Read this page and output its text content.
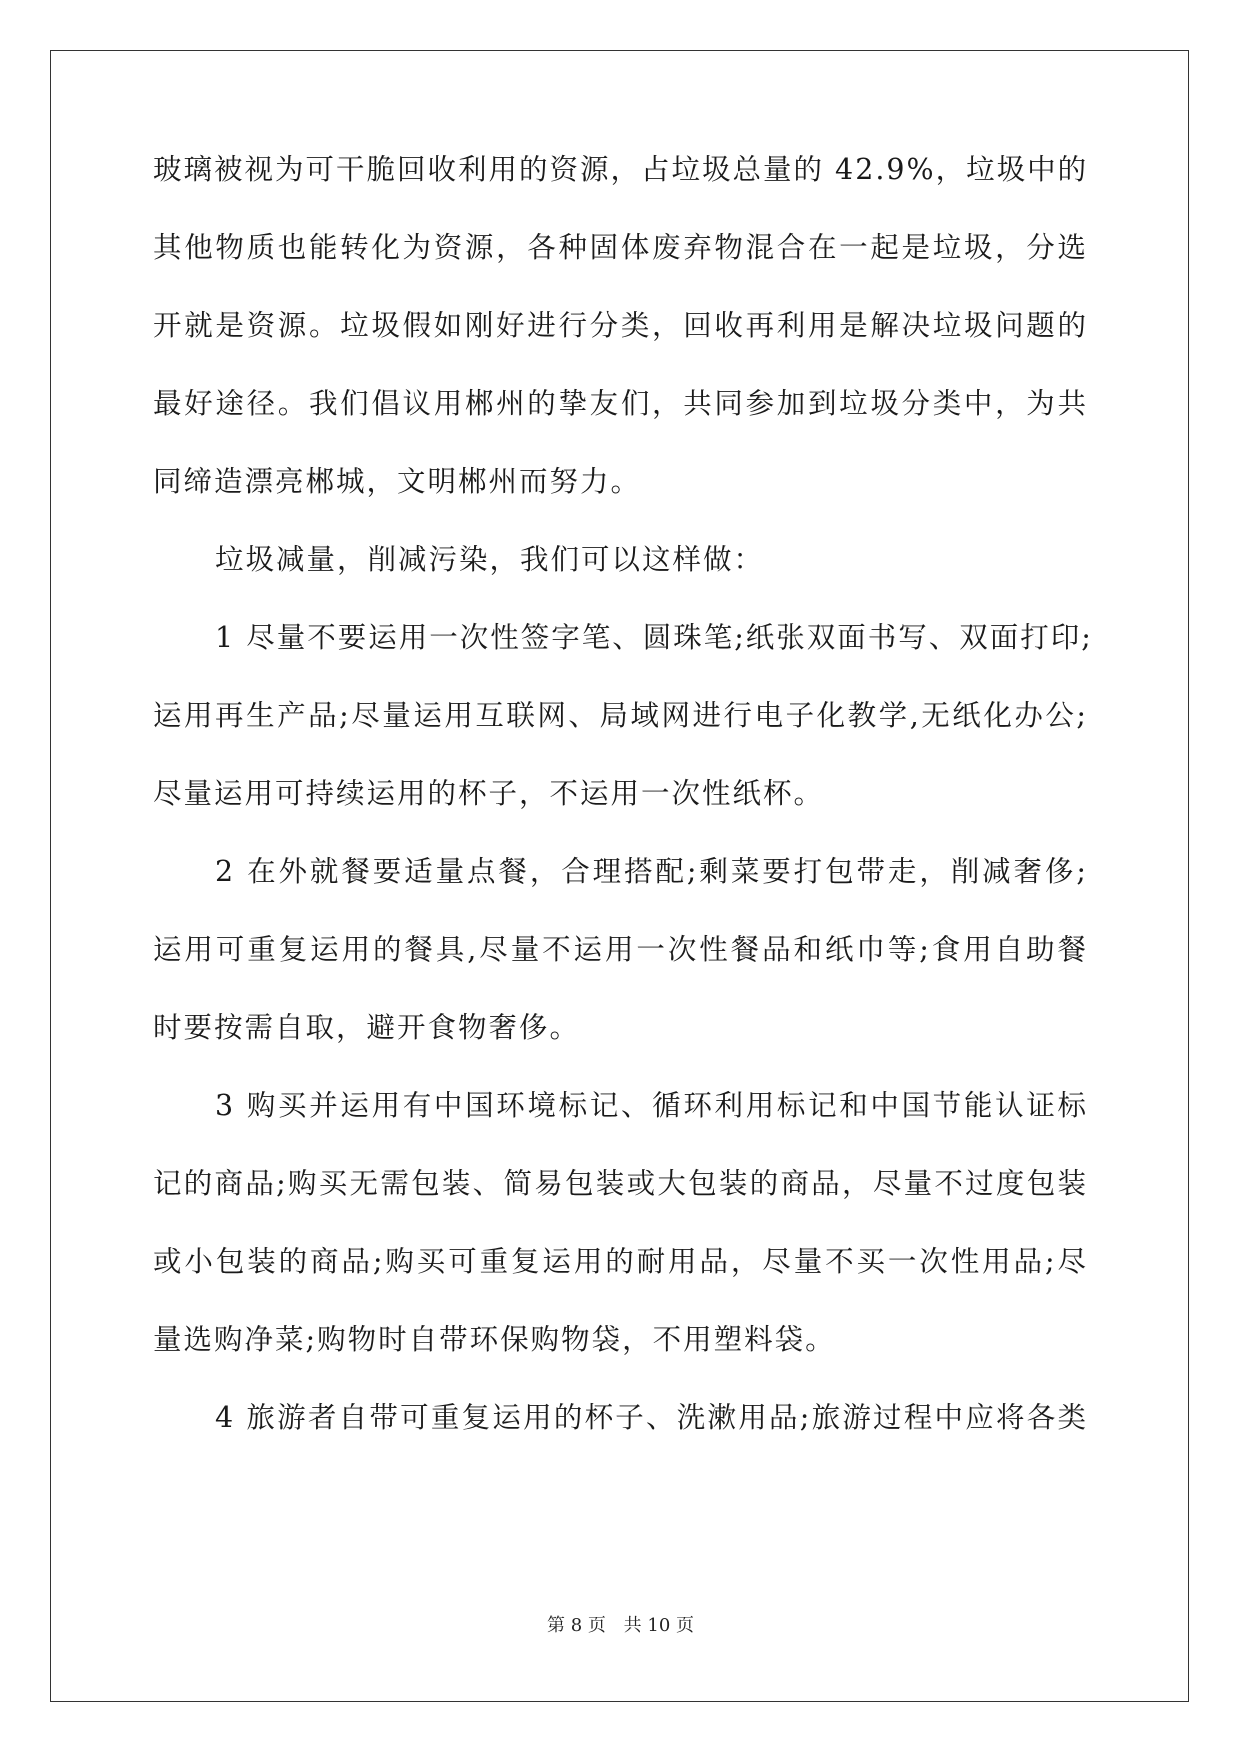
玻璃被视为可干脆回收利用的资源，占垃圾总量的 42.9%，垃圾中的
其他物质也能转化为资源，各种固体废弃物混合在一起是垃圾，分选
开就是资源。垃圾假如刚好进行分类，回收再利用是解决垃圾问题的
最好途径。我们倡议用郴州的挚友们，共同参加到垃圾分类中，为共
同缔造漂亮郴城，文明郴州而努力。
垃圾减量，削减污染，我们可以这样做：
1 尽量不要运用一次性签字笔、圆珠笔;纸张双面书写、双面打印;
运用再生产品;尽量运用互联网、局域网进行电子化教学,无纸化办公;
尽量运用可持续运用的杯子，不运用一次性纸杯。
2 在外就餐要适量点餐，合理搭配;剩菜要打包带走，削减奢侈;
运用可重复运用的餐具,尽量不运用一次性餐品和纸巾等;食用自助餐
时要按需自取，避开食物奢侈。
3 购买并运用有中国环境标记、循环利用标记和中国节能认证标
记的商品;购买无需包装、简易包装或大包装的商品，尽量不过度包装
或小包装的商品;购买可重复运用的耐用品，尽量不买一次性用品;尽
量选购净菜;购物时自带环保购物袋，不用塑料袋。
4 旅游者自带可重复运用的杯子、洗漱用品;旅游过程中应将各类
第 8 页 共 10 页
